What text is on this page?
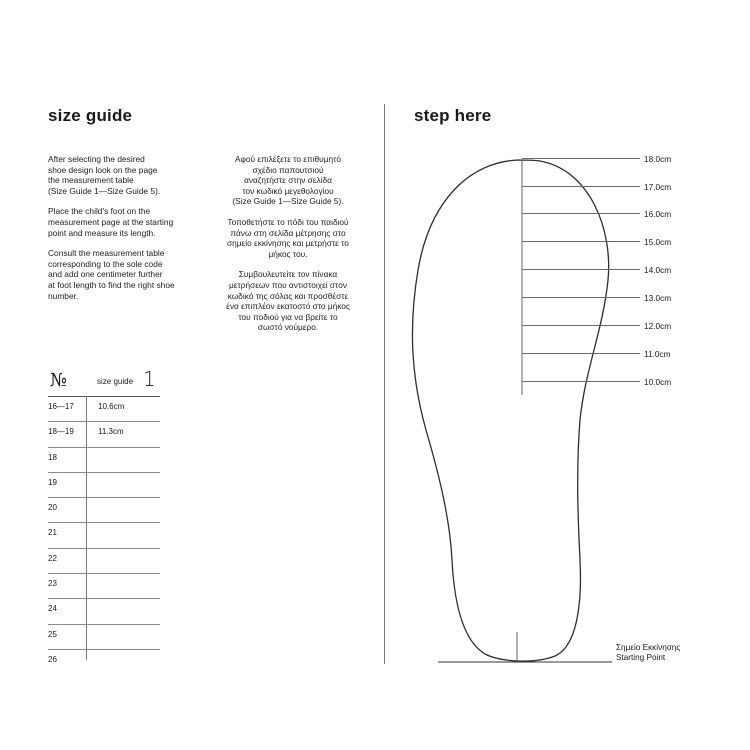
size guide

After selecting the desired

shoe design look on the page

the measurement table

(Size Guide 1—Size Guide 5).

Place the child's foot on the

measurement page at the starting

point and measure its length.

Consult the measurement table

corresponding to the sole code

and add one centimeter further

at foot length to find the right shoe

number.

Αφού επιλέξετε το επιθυμητό

σχέδιο παπουτσιού

αναζητήστε στην σελίδα

τον κωδικό μεγεθολογίου

(Size Guide 1—Size Guide 5).

Τοποθετήστε το πόδι του παιδιού

πάνω στη σελίδα μέτρησης στο

σημείο εκκίνησης και μετρήστε το

μήκος του.

Συμβουλευτείτε τον πίνακα

μετρήσεων που αντιστοιχεί στον

κωδικό της σόλας και προσθέστε

ένα επιπλέον εκατοστό στο μήκος

του ποδιού για να βρείτε το

σωστό νούμερο.

№	size guide 1
16—17	10.6cm
18—19	11.3cm
18
19
20
21
22
23
24
25
26
step here
18.0cm
17.0cm
16.0cm
15.0cm
14.0cm
13.0cm
12.0cm
11.0cm
10.0cm
Σημείο Εκκίνησης
Starting Point
